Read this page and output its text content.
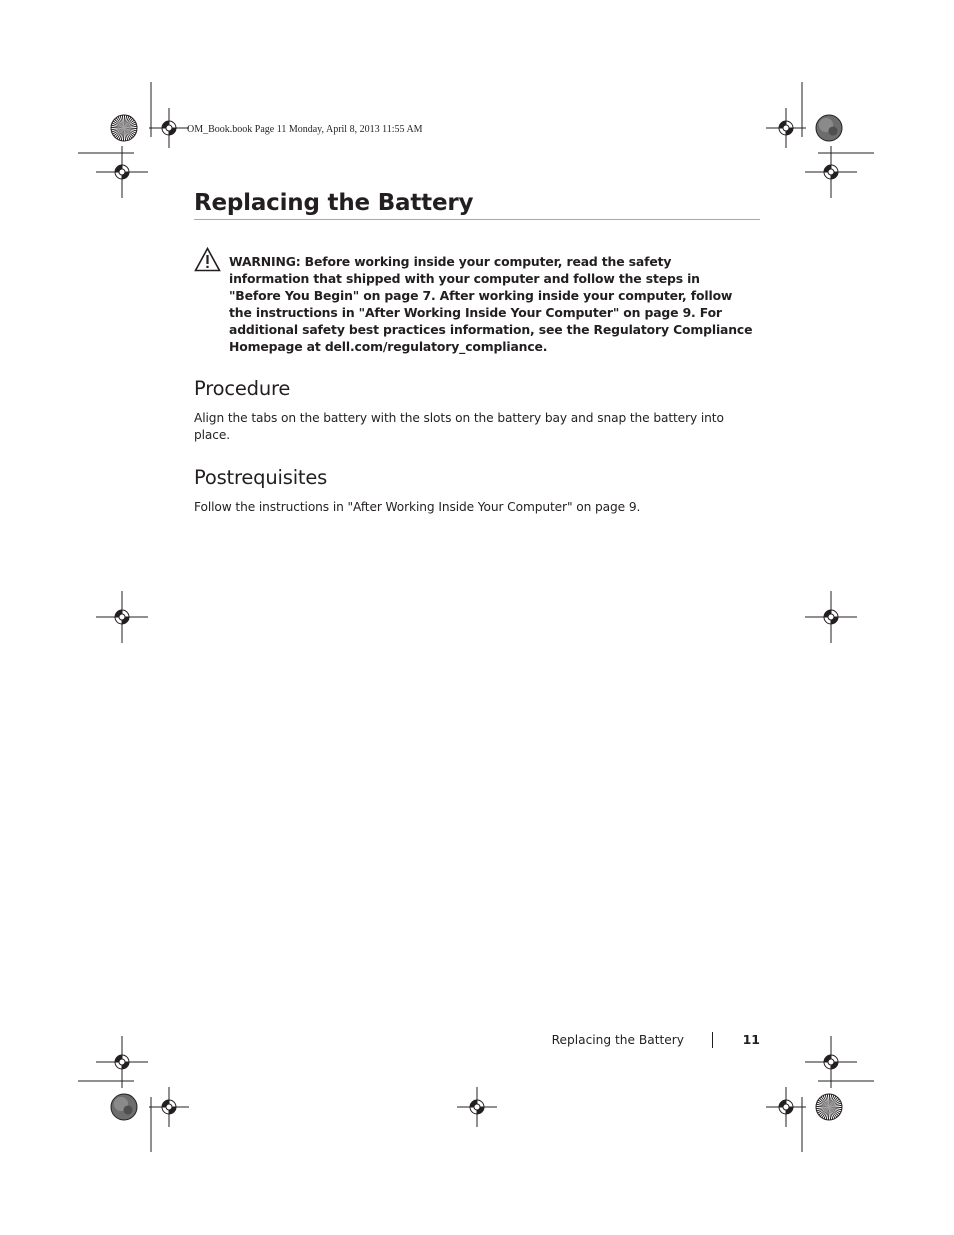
OM_Book.book Page 11 Monday, April 8, 2013 11:55 AM
Replacing the Battery

WARNING: Before working inside your computer, read the safety information that shipped with your computer and follow the steps in "Before You Begin" on page 7. After working inside your computer, follow the instructions in "After Working Inside Your Computer" on page 9. For additional safety best practices information, see the Regulatory Compliance Homepage at dell.com/regulatory_compliance.

Procedure

Align the tabs on the battery with the slots on the battery bay and snap the battery into place.

Postrequisites

Follow the instructions in "After Working Inside Your Computer" on page 9.

Replacing the Battery	11
